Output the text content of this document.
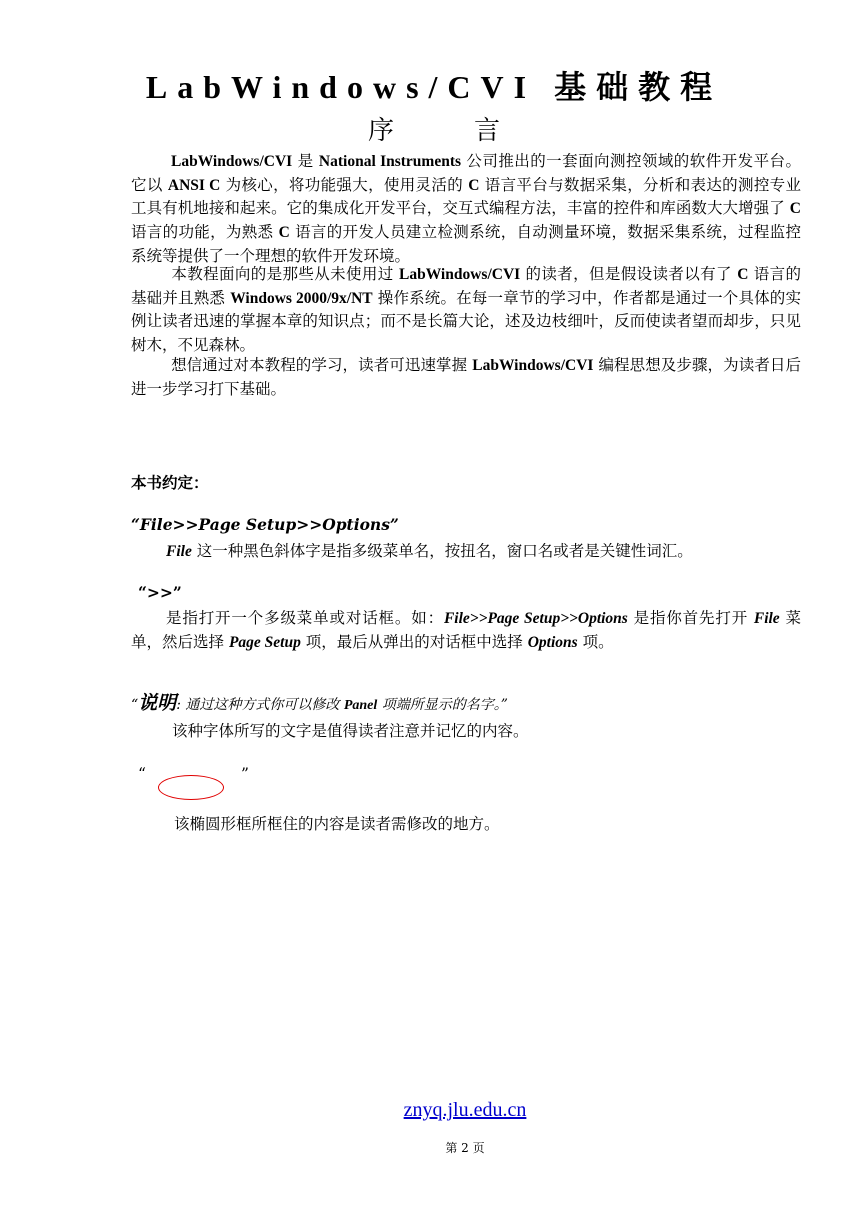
LabWindows/CVI 基础教程
序言
LabWindows/CVI 是 National Instruments 公司推出的一套面向测控领域的软件开发平台。它以 ANSI C 为核心，将功能强大，使用灵活的 C 语言平台与数据采集，分析和表达的测控专业工具有机地接和起来。它的集成化开发平台，交互式编程方法，丰富的控件和库函数大大增强了 C 语言的功能，为熟悉 C 语言的开发人员建立检测系统，自动测量环境，数据采集系统，过程监控系统等提供了一个理想的软件开发环境。
本教程面向的是那些从未使用过 LabWindows/CVI 的读者，但是假设读者以有了 C 语言的基础并且熟悉 Windows 2000/9x/NT 操作系统。在每一章节的学习中，作者都是通过一个具体的实例让读者迅速的掌握本章的知识点；而不是长篇大论，述及边枝细叶，反而使读者望而却步，只见树木，不见森林。
想信通过对本教程的学习，读者可迅速掌握 LabWindows/CVI 编程思想及步骤，为读者日后进一步学习打下基础。
本书约定：
“File>>Page Setup>>Options”
File 这一种黑色斜体字是指多级菜单名，按扭名，窗口名或者是关键性词汇。
“>>”
是指打开一个多级菜单或对话框。如：File>>Page Setup>>Options 是指你首先打开 File 菜单，然后选择 Page Setup 项，最后从弹出的对话框中选择 Options 项。
“说明: 通过这种方式你可以修改 Panel 项端所显示的名字。”
该种字体所写的文字是值得读者注意并记忆的内容。
“	”
该椭圆形框所框住的内容是读者需修改的地方。
znyq.jlu.edu.cn
第 2 页
